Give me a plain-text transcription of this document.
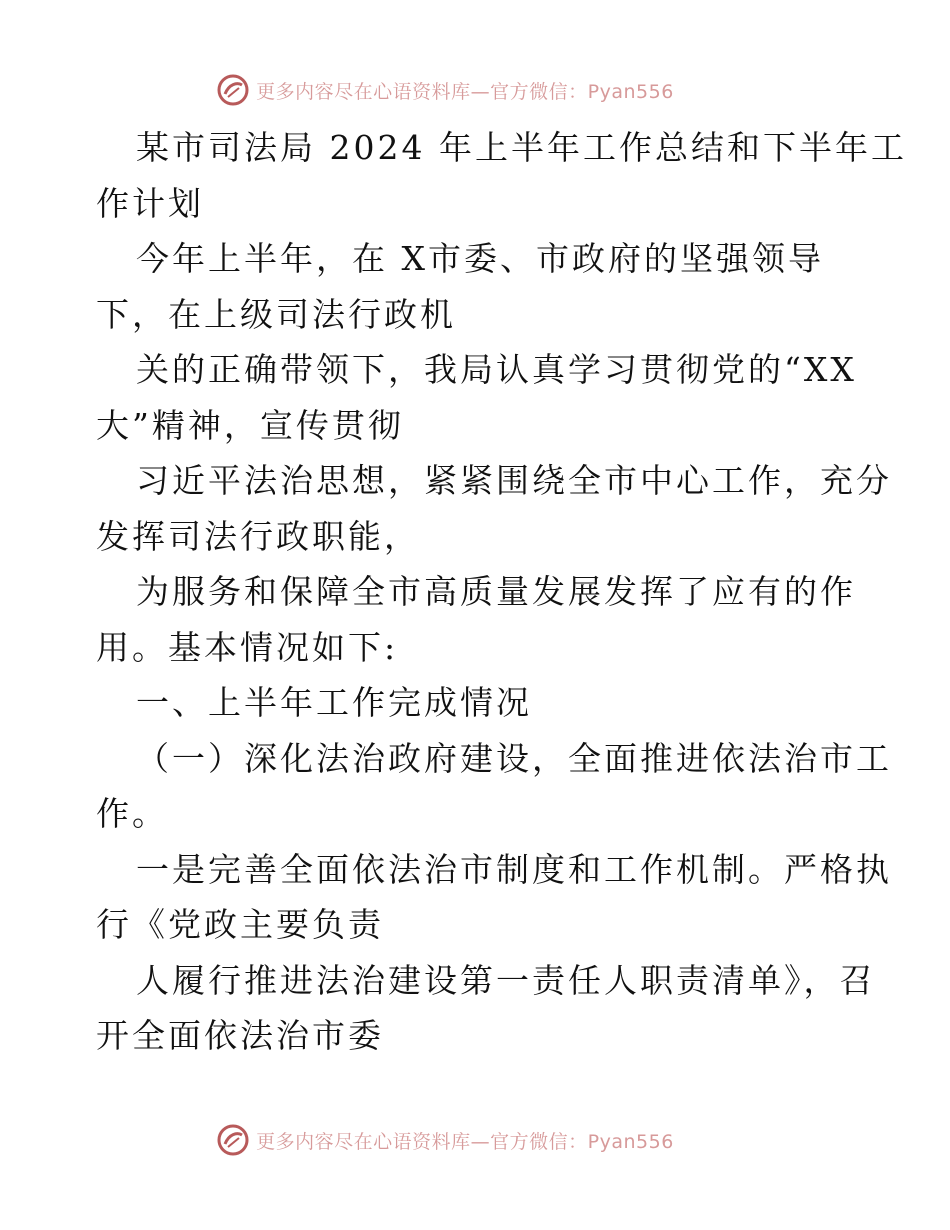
更多内容尽在心语资料库—官方微信：Pyan556

某市司法局 2024 年上半年工作总结和下半年工
作计划

今年上半年，在 X市委、市政府的坚强领导
下，在上级司法行政机

关的正确带领下，我局认真学习贯彻党的“XX
大”精神，宣传贯彻

习近平法治思想，紧紧围绕全市中心工作，充分
发挥司法行政职能，

为服务和保障全市高质量发展发挥了应有的作
用。基本情况如下:

一、上半年工作完成情况

（一）深化法治政府建设，全面推进依法治市工
作。

一是完善全面依法治市制度和工作机制。严格执
行《党政主要负责

人履行推进法治建设第一责任人职责清单》，召
开全面依法治市委

更多内容尽在心语资料库—官方微信：Pyan556
